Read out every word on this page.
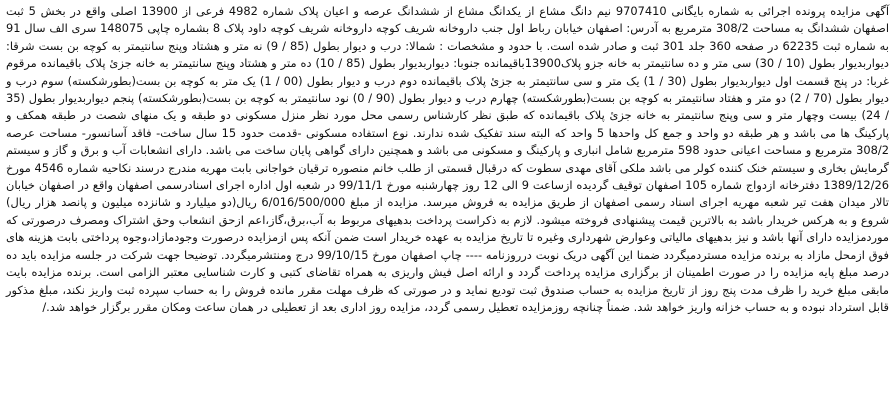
آگهی مزایده پرونده اجرائی به شماره بایگانی 9707410 نیم دانگ مشاع از یکدانگ مشاع از ششدانگ عرصه و اعیان پلاک شماره 4982 فرعی از 13900 اصلی واقع در بخش 5 ثبت اصفهان ششدانگ به مساحت 308/2 مترمربع به آدرس: اصفهان خیابان رباط اول جنب داروخانه شریف کوچه داروخانه شریف کوچه داود پلاک 8 بشماره چاپی 148075 سری الف سال 91 به شماره ثبت 62235 در صفحه 360 جلد 301 ثبت و صادر شده است. با حدود و مشخصات : شمالا: درب و دیوار بطول (85 / 9) نه متر و هشتاد وپنج سانتیمتر به کوچه بن بست شرقا: دیواربدیوار بطول (10 / 30) سی متر و ده سانتیمتر به خانه جزو پلاک13900باقیمانده جنوبا: دیواربدیوار بطول (85 / 10) ده متر و هشتاد وپنج سانتیمتر به خانه جزئ پلاک باقیمانده مرقوم غربا: در پنج قسمت اول دیواربدیوار بطول (30 / 1) یک متر و سی سانتیمتر به جزئ پلاک باقیمانده دوم درب و دیوار بطول (00 / 1) یک متر به کوچه بن بست(بطورشکسته) سوم درب و دیوار بطول (70 / 2) دو متر و هفتاد سانتیمتر به کوچه بن بست(بطورشکسته) چهارم درب و دیوار بطول (90 / 0) نود سانتیمتر به کوچه بن بست(بطورشکسته) پنجم دیواربدیوار بطول (35 / 24) بیست وچهار متر و سی وپنج سانتیمتر به خانه جزئ پلاک باقیمانده که طبق نظر کارشناس رسمی محل مورد نظر منزل مسکونی دو طبقه و یک منهای شصت در طبقه همکف و پارکینگ ها می باشد و هر طبقه دو واحد و جمع کل واحدها 5 واحد که البته سند تفکیک شده ندارند. نوع استفاده مسکونی -قدمت حدود 15 سال ساخت- فاقد آسانسور- مساحت عرصه 308/2 مترمربع و مساحت اعیانی حدود 598 مترمربع شامل انباری و پارکینگ و مسکونی می باشد و همچنین دارای گواهی پایان ساخت می باشد. دارای انشعابات آب و برق و گاز و سیستم گرمایش بخاری و سیستم خنک کننده کولر می باشد ملکی آقای مهدی سطوت که درقبال قسمتی از طلب خانم منصوره ترقیان خواجانی بابت مهریه مندرج درسند نکاحیه شماره 4546 مورخ 1389/12/26 دفترخانه ازدواج شماره 105 اصفهان توقیف گردیده ازساعت 9 الی 12 روز چهارشنبه مورخ 99/11/1 در شعبه اول اداره اجرای اسنادرسمی اصفهان واقع در اصفهان خیابان تالار میدان هفت تیر شعبه مهریه اجرای اسناد رسمی اصفهان از طریق مزایده به فروش میرسد. مزایده از مبلغ 6/016/500/000 ریال(دو میلیارد و شانزده میلیون و پانصد هزار ریال) شروع و به هرکس خریدار باشد به بالاترین قیمت پیشنهادی فروخته میشود. لازم به ذکراست پرداخت بدهیهای مربوط به آب،برق،گاز،اعم ازحق انشعاب وحق اشتراک ومصرف درصورتی که موردمزایده دارای آنها باشد و نیز بدهیهای مالیاتی وعوارض شهرداری وغیره تا تاریخ مزایده به عهده خریدار است ضمن آنکه پس ازمزایده درصورت وجودمازاد،وجوه پرداختی بابت هزینه های فوق ازمحل مازاد به برنده مزایده مستردمیگردد ضمنا این آگهی دریک نوبت درروزنامه ---- چاپ اصفهان مورخ 99/10/15 درج ومنتشرمیگردد. توضیحا جهت شرکت در جلسه مزایده باید ده درصد مبلغ پایه مزایده را در صورت اطمینان از برگزاری مزایده پرداخت گردد و ارائه اصل فیش واریزی به همراه تقاضای کتبی و کارت شناسایی معتبر الزامی است. برنده مزایده بایت مابقی مبلغ خرید را ظرف مدت پنج روز از تاریخ مزایده به حساب صندوق ثبت تودیع نماید و در صورتی که ظرف مهلت مقرر مانده فروش را به حساب سپرده ثبت واریز نکند، مبلغ مذکور قابل استرداد نبوده و به حساب خزانه واریز خواهد شد. ضمناً چنانچه روزمزایده تعطیل رسمی گردد، مزایده روز اداری بعد از تعطیلی در همان ساعت ومکان مقرر برگزار خواهد شد./
